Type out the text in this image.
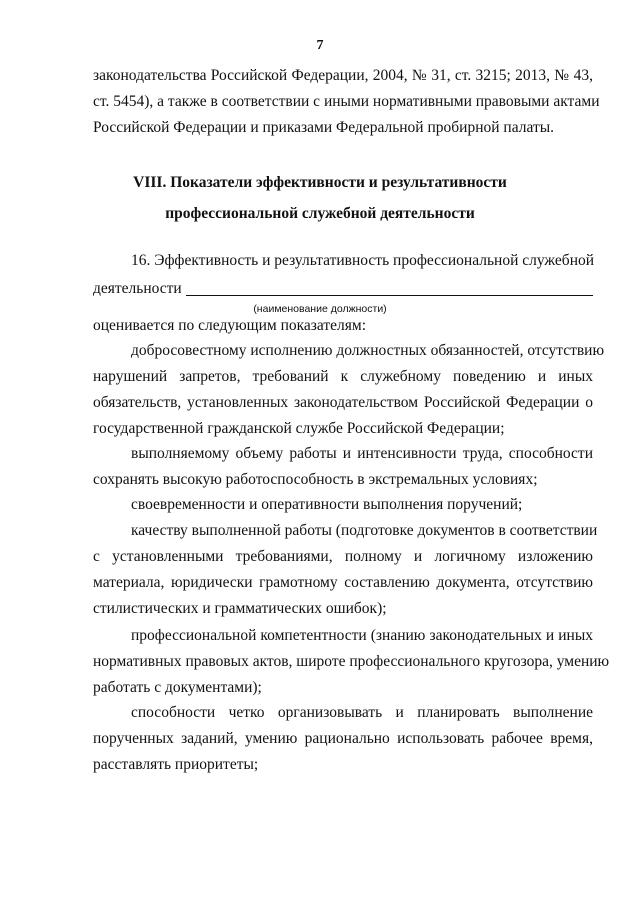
7
законодательства Российской Федерации, 2004, № 31, ст. 3215; 2013, № 43,
ст. 5454), а также в соответствии с иными нормативными правовыми актами
Российской Федерации и приказами Федеральной пробирной палаты.
VIII. Показатели эффективности и результативности
профессиональной служебной деятельности
16. Эффективность и результативность профессиональной служебной
деятельности
(наименование должности)
оценивается по следующим показателям:
добросовестному исполнению должностных обязанностей, отсутствию
нарушений запретов, требований к служебному поведению и иных
обязательств, установленных законодательством Российской Федерации о
государственной гражданской службе Российской Федерации;
выполняемому объему работы и интенсивности труда, способности
сохранять высокую работоспособность в экстремальных условиях;
своевременности и оперативности выполнения поручений;
качеству выполненной работы (подготовке документов в соответствии
с установленными требованиями, полному и логичному изложению
материала, юридически грамотному составлению документа, отсутствию
стилистических и грамматических ошибок);
профессиональной компетентности (знанию законодательных и иных
нормативных правовых актов, широте профессионального кругозора, умению
работать с документами);
способности четко организовывать и планировать выполнение
порученных заданий, умению рационально использовать рабочее время,
расставлять приоритеты;
